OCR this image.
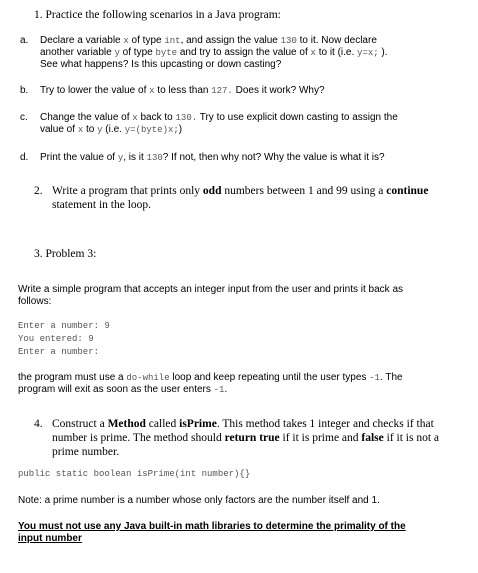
1. Practice the following scenarios in a Java program:
a. Declare a variable x of type int, and assign the value 130 to it. Now declare
another variable y of type byte and try to assign the value of x to it (i.e. y=x; ).
See what happens? Is this upcasting or down casting?
b. Try to lower the value of x to less than 127. Does it work? Why?
c. Change the value of x back to 130. Try to use explicit down casting to assign the
value of x to y (i.e. y=(byte)x;)
d. Print the value of y, is it 130? If not, then why not? Why the value is what it is?
2. Write a program that prints only odd numbers between 1 and 99 using a continue
statement in the loop.
3. Problem 3:
Write a simple program that accepts an integer input from the user and prints it back as
follows:
Enter a number: 9
You entered: 9
Enter a number:
the program must use a do-while loop and keep repeating until the user types -1. The
program will exit as soon as the user enters -1.
4. Construct a Method called isPrime. This method takes 1 integer and checks if that
number is prime. The method should return true if it is prime and false if it is not a
prime number.
public static boolean isPrime(int number){}
Note: a prime number is a number whose only factors are the number itself and 1.
You must not use any Java built-in math libraries to determine the primality of the
input number
